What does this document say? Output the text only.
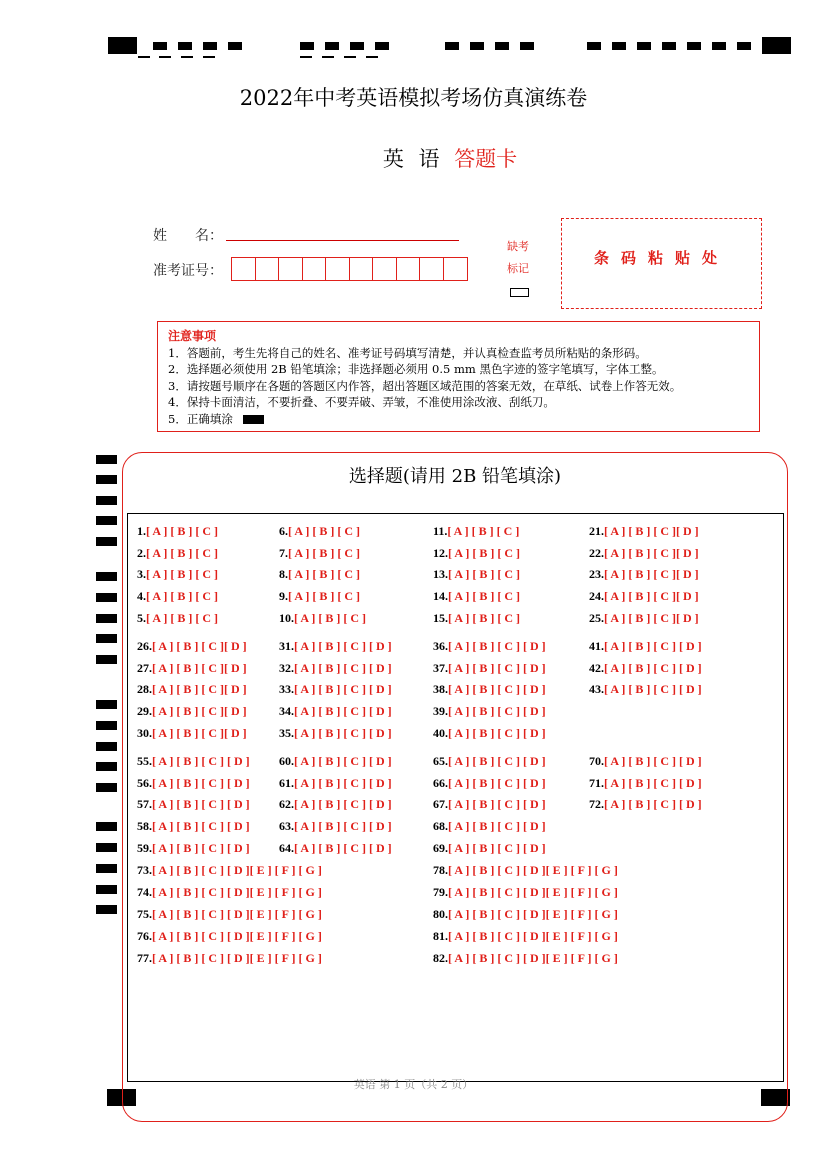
2022年中考英语模拟考场仿真演练卷
英 语 答题卡
姓　　名：
准考证号：
缺考
标记
条码粘贴处
注意事项
1．答题前，考生先将自己的姓名、准考证号码填写清楚，并认真检查监考员所粘贴的条形码。
2．选择题必须使用 2B 铅笔填涂；非选择题必须用 0.5 mm 黑色字迹的签字笔填写，字体工整。
3．请按题号顺序在各题的答题区内作答，超出答题区域范围的答案无效，在草纸、试卷上作答无效。
4．保持卡面清洁，不要折叠、不要弄破、弄皱，不准使用涂改液、刮纸刀。
5．正确填涂
选择题(请用 2B 铅笔填涂)
1.[ A ] [ B ] [ C ]
2.[ A ] [ B ] [ C ]
3.[ A ] [ B ] [ C ]
4.[ A ] [ B ] [ C ]
5.[ A ] [ B ] [ C ]
6.[ A ] [ B ] [ C ]
7.[ A ] [ B ] [ C ]
8.[ A ] [ B ] [ C ]
9.[ A ] [ B ] [ C ]
10.[ A ] [ B ] [ C ]
11.[ A ] [ B ] [ C ]
12.[ A ] [ B ] [ C ]
13.[ A ] [ B ] [ C ]
14.[ A ] [ B ] [ C ]
15.[ A ] [ B ] [ C ]
21.[ A ] [ B ] [ C ][ D ]
22.[ A ] [ B ] [ C ][ D ]
23.[ A ] [ B ] [ C ][ D ]
24.[ A ] [ B ] [ C ][ D ]
25.[ A ] [ B ] [ C ][ D ]
26.[ A ] [ B ] [ C ][ D ]
27.[ A ] [ B ] [ C ][ D ]
28.[ A ] [ B ] [ C ][ D ]
29.[ A ] [ B ] [ C ][ D ]
30.[ A ] [ B ] [ C ][ D ]
31.[ A ] [ B ] [ C ] [ D ]
32.[ A ] [ B ] [ C ] [ D ]
33.[ A ] [ B ] [ C ] [ D ]
34.[ A ] [ B ] [ C ] [ D ]
35.[ A ] [ B ] [ C ] [ D ]
36.[ A ] [ B ] [ C ] [ D ]
37.[ A ] [ B ] [ C ] [ D ]
38.[ A ] [ B ] [ C ] [ D ]
39.[ A ] [ B ] [ C ] [ D ]
40.[ A ] [ B ] [ C ] [ D ]
41.[ A ] [ B ] [ C ] [ D ]
42.[ A ] [ B ] [ C ] [ D ]
43.[ A ] [ B ] [ C ] [ D ]
55.[ A ] [ B ] [ C ] [ D ]
56.[ A ] [ B ] [ C ] [ D ]
57.[ A ] [ B ] [ C ] [ D ]
58.[ A ] [ B ] [ C ] [ D ]
59.[ A ] [ B ] [ C ] [ D ]
60.[ A ] [ B ] [ C ] [ D ]
61.[ A ] [ B ] [ C ] [ D ]
62.[ A ] [ B ] [ C ] [ D ]
63.[ A ] [ B ] [ C ] [ D ]
64.[ A ] [ B ] [ C ] [ D ]
65.[ A ] [ B ] [ C ] [ D ]
66.[ A ] [ B ] [ C ] [ D ]
67.[ A ] [ B ] [ C ] [ D ]
68.[ A ] [ B ] [ C ] [ D ]
69.[ A ] [ B ] [ C ] [ D ]
70.[ A ] [ B ] [ C ] [ D ]
71.[ A ] [ B ] [ C ] [ D ]
72.[ A ] [ B ] [ C ] [ D ]
73.[ A ] [ B ] [ C ] [ D ][ E ] [ F ] [ G ]
74.[ A ] [ B ] [ C ] [ D ][ E ] [ F ] [ G ]
75.[ A ] [ B ] [ C ] [ D ][ E ] [ F ] [ G ]
76.[ A ] [ B ] [ C ] [ D ][ E ] [ F ] [ G ]
77.[ A ] [ B ] [ C ] [ D ][ E ] [ F ] [ G ]
78.[ A ] [ B ] [ C ] [ D ][ E ] [ F ] [ G ]
79.[ A ] [ B ] [ C ] [ D ][ E ] [ F ] [ G ]
80.[ A ] [ B ] [ C ] [ D ][ E ] [ F ] [ G ]
81.[ A ] [ B ] [ C ] [ D ][ E ] [ F ] [ G ]
82.[ A ] [ B ] [ C ] [ D ][ E ] [ F ] [ G ]
英语 第 1 页（共 2 页）
